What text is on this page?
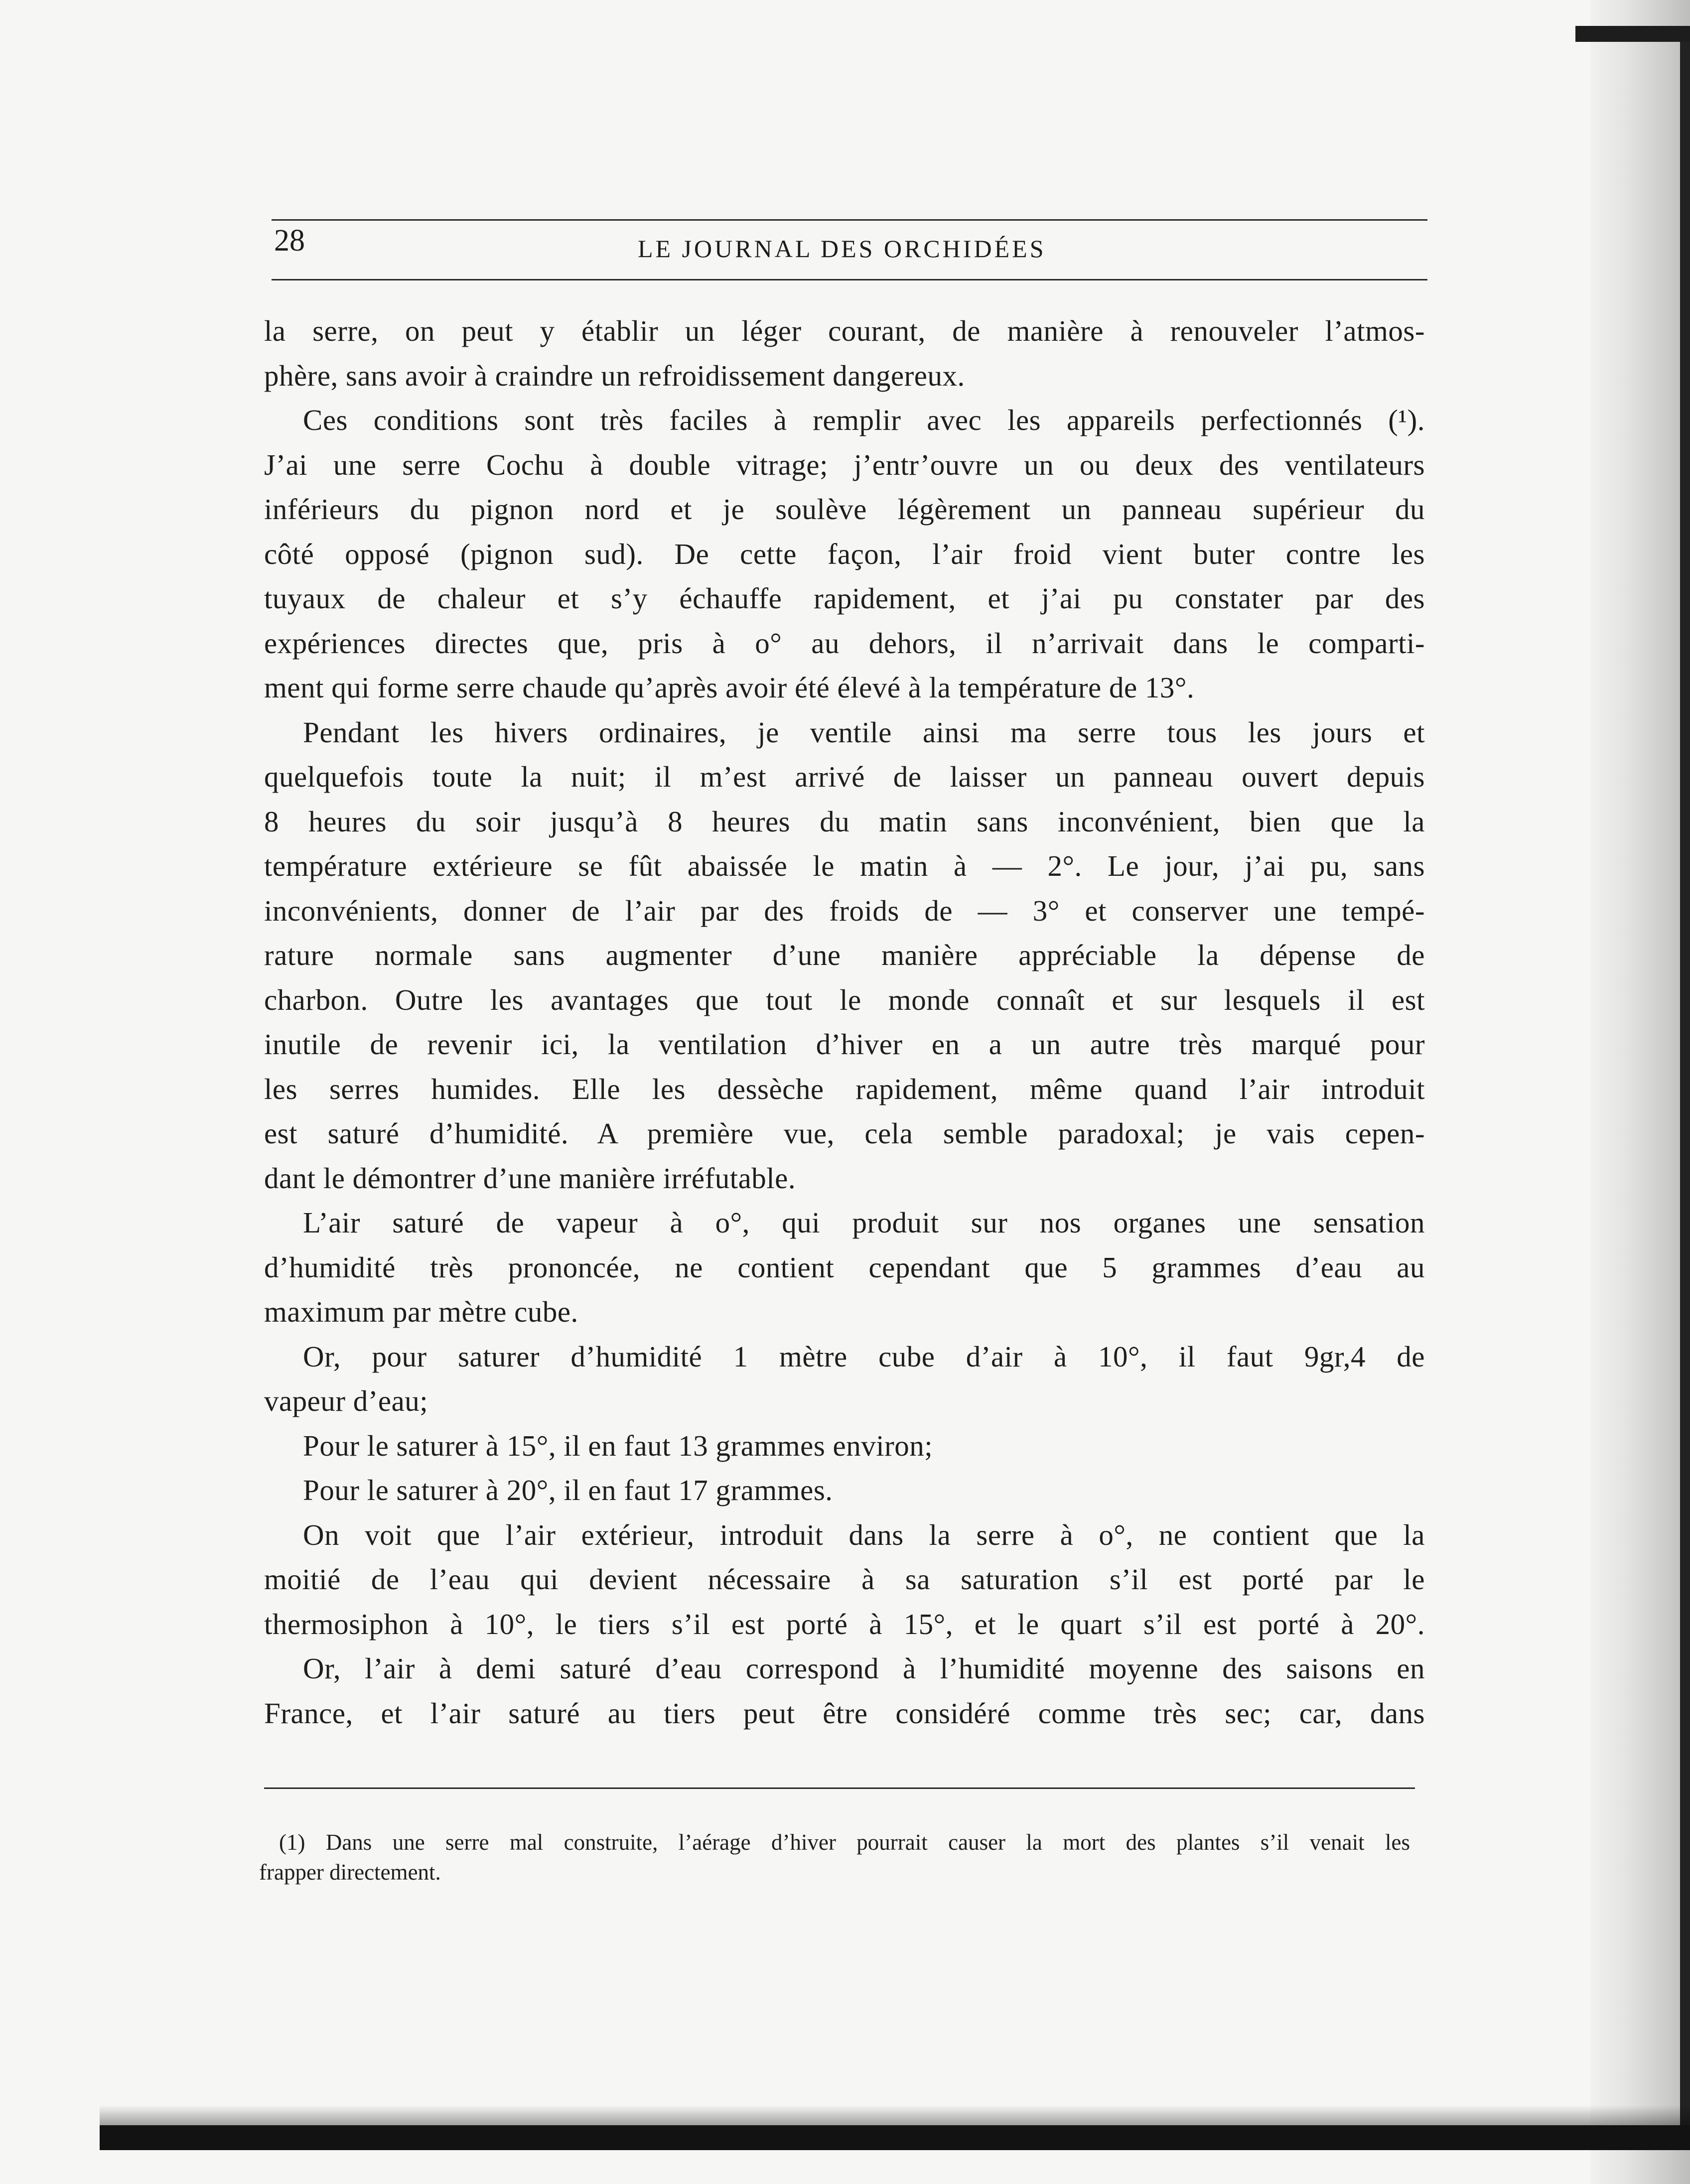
28	LE JOURNAL DES ORCHIDÉES
la serre, on peut y établir un léger courant, de manière à renouveler l’atmos-
phère, sans avoir à craindre un refroidissement dangereux.
Ces conditions sont très faciles à remplir avec les appareils perfectionnés (¹).
J’ai une serre Cochu à double vitrage; j’entr’ouvre un ou deux des ventilateurs
inférieurs du pignon nord et je soulève légèrement un panneau supérieur du
côté opposé (pignon sud). De cette façon, l’air froid vient buter contre les
tuyaux de chaleur et s’y échauffe rapidement, et j’ai pu constater par des
expériences directes que, pris à o° au dehors, il n’arrivait dans le comparti-
ment qui forme serre chaude qu’après avoir été élevé à la température de 13°.
Pendant les hivers ordinaires, je ventile ainsi ma serre tous les jours et
quelquefois toute la nuit; il m’est arrivé de laisser un panneau ouvert depuis
8 heures du soir jusqu’à 8 heures du matin sans inconvénient, bien que la
température extérieure se fût abaissée le matin à — 2°. Le jour, j’ai pu, sans
inconvénients, donner de l’air par des froids de — 3° et conserver une tempé-
rature normale sans augmenter d’une manière appréciable la dépense de
charbon. Outre les avantages que tout le monde connaît et sur lesquels il est
inutile de revenir ici, la ventilation d’hiver en a un autre très marqué pour
les serres humides. Elle les dessèche rapidement, même quand l’air introduit
est saturé d’humidité. A première vue, cela semble paradoxal; je vais cepen-
dant le démontrer d’une manière irréfutable.
L’air saturé de vapeur à o°, qui produit sur nos organes une sensation
d’humidité très prononcée, ne contient cependant que 5 grammes d’eau au
maximum par mètre cube.
Or, pour saturer d’humidité 1 mètre cube d’air à 10°, il faut 9gr,4 de
vapeur d’eau;
Pour le saturer à 15°, il en faut 13 grammes environ;
Pour le saturer à 20°, il en faut 17 grammes.
On voit que l’air extérieur, introduit dans la serre à o°, ne contient que la
moitié de l’eau qui devient nécessaire à sa saturation s’il est porté par le
thermosiphon à 10°, le tiers s’il est porté à 15°, et le quart s’il est porté à 20°.
Or, l’air à demi saturé d’eau correspond à l’humidité moyenne des saisons en
France, et l’air saturé au tiers peut être considéré comme très sec; car, dans
(1) Dans une serre mal construite, l’aérage d’hiver pourrait causer la mort des plantes s’il venait les
frapper directement.
